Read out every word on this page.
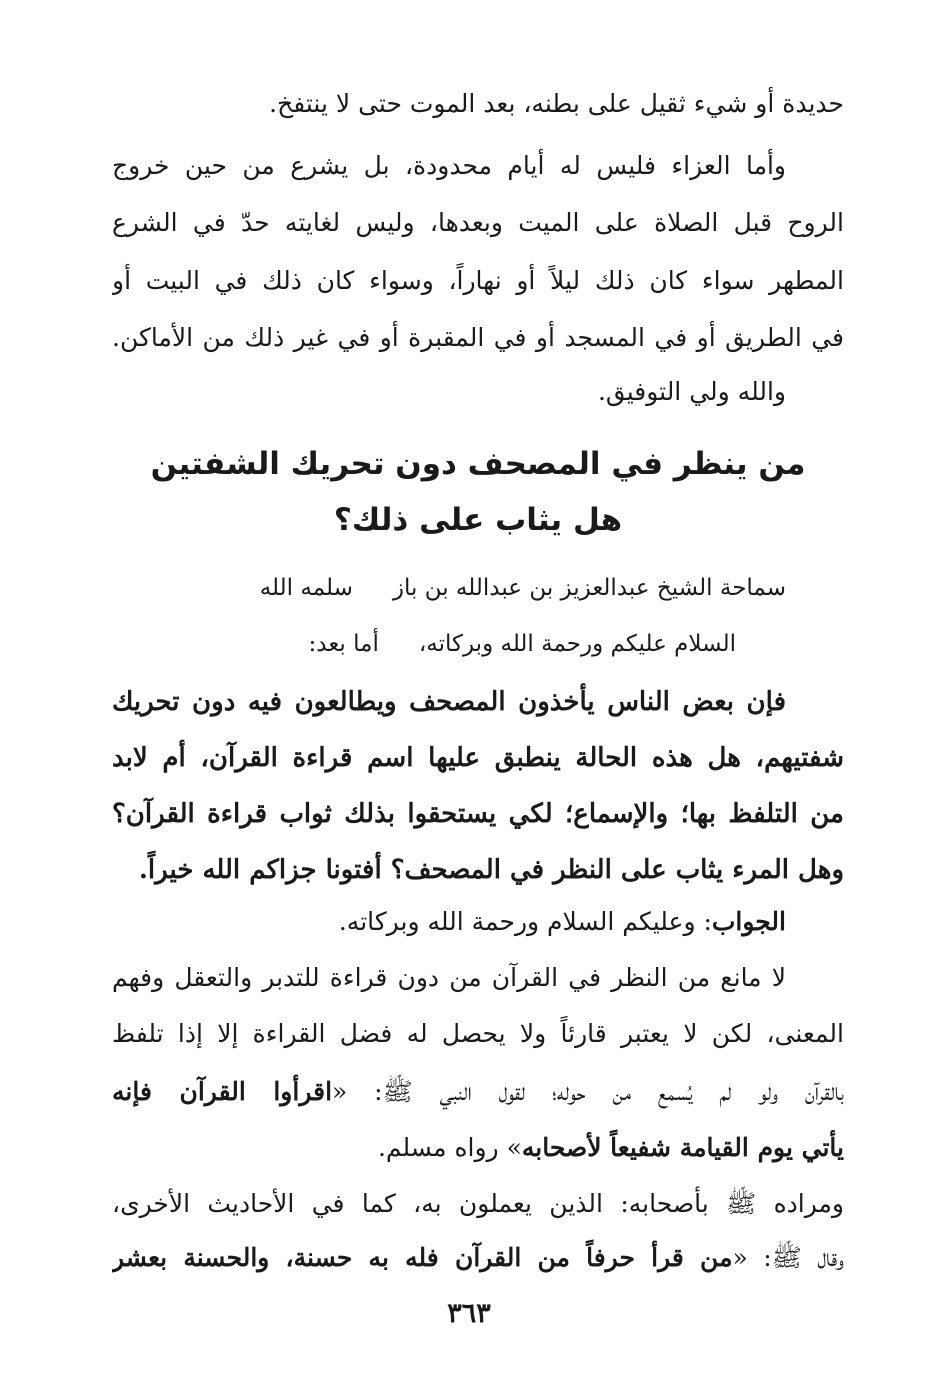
حديدة أو شيء ثقيل على بطنه، بعد الموت حتى لا ينتفخ.
وأما العزاء فليس له أيام محدودة، بل يشرع من حين خروج
الروح قبل الصلاة على الميت وبعدها، وليس لغايته حدّ في الشرع
المطهر سواء كان ذلك ليلاً أو نهاراً، وسواء كان ذلك في البيت أو
في الطريق أو في المسجد أو في المقبرة أو في غير ذلك من الأماكن.
والله ولي التوفيق.
من ينظر في المصحف دون تحريك الشفتين
هل يثاب على ذلك؟
سماحة الشيخ عبدالعزيز بن عبدالله بن بازسلمه الله
السلام عليكم ورحمة الله وبركاته،أما بعد:
فإن بعض الناس يأخذون المصحف ويطالعون فيه دون تحريك
شفتيهم، هل هذه الحالة ينطبق عليها اسم قراءة القرآن، أم لابد
من التلفظ بها؛ والإسماع؛ لكي يستحقوا بذلك ثواب قراءة القرآن؟
وهل المرء يثاب على النظر في المصحف؟ أفتونا جزاكم الله خيراً.
الجواب: وعليكم السلام ورحمة الله وبركاته.
لا مانع من النظر في القرآن من دون قراءة للتدبر والتعقل وفهم
المعنى، لكن لا يعتبر قارئاً ولا يحصل له فضل القراءة إلا إذا تلفظ
بالقرآن ولو لم يُسمع من حوله؛ لقول النبي ﷺ: «اقرأوا القرآن فإنه
يأتي يوم القيامة شفيعاً لأصحابه» رواه مسلم.
ومراده ﷺ بأصحابه: الذين يعملون به، كما في الأحاديث الأخرى،
وقال ﷺ: «من قرأ حرفاً من القرآن فله به حسنة، والحسنة بعشر
٣٦٣
